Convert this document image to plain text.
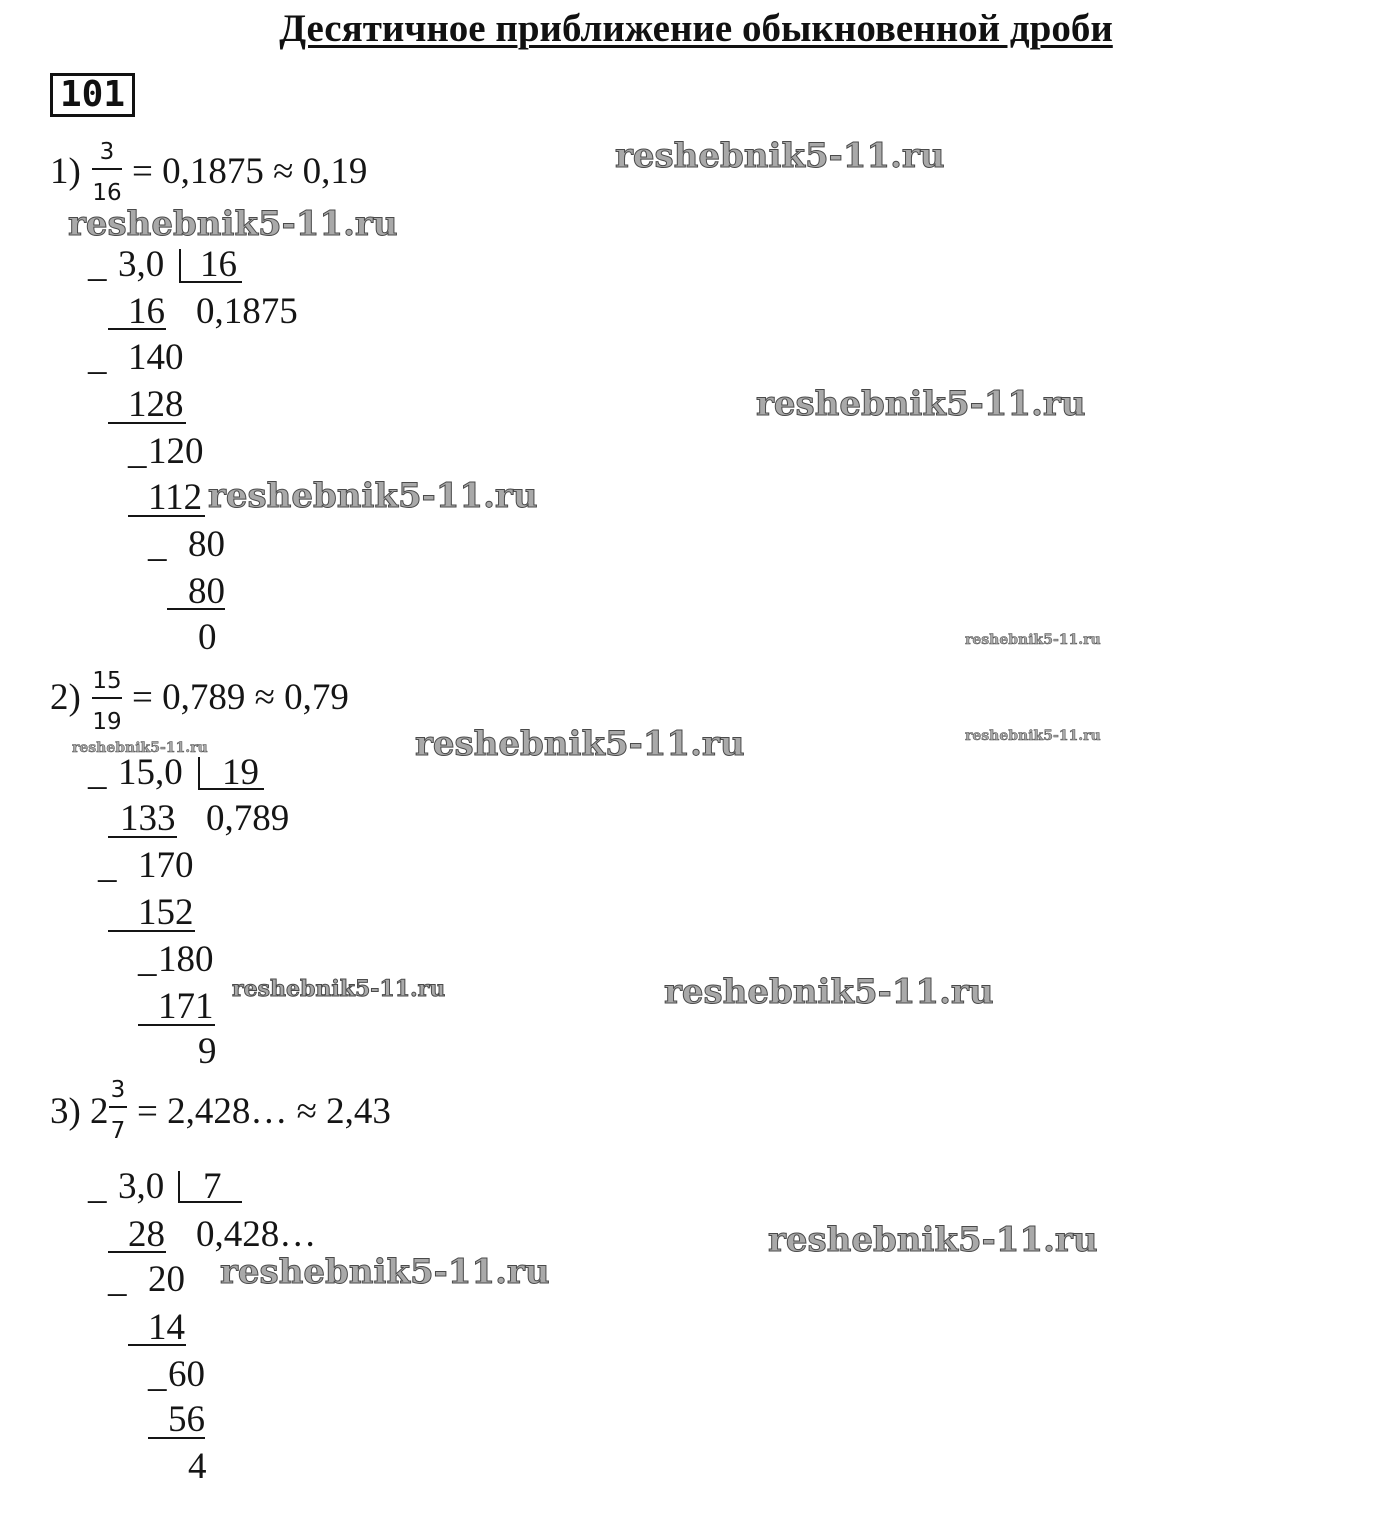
Десятичное приближение обыкновенной дроби
101
1) 3
16
= 0,1875 ≈ 0,19
_ 3,0 16
0,1875
16
_ 140
128
_ 120
112
_ 80
80
0
2) 15
19
= 0,789 ≈ 0,79
_ 15,0 19
0,789
133
_ 170
152
_ 180
171
9
3) 2
3
7 = 2,428… ≈ 2,43
_ 3,0 7
0,428…
28
_ 20
14
_ 60
56
4
reshebnik5-11.ru
reshebnik5-11.ru
reshebnik5-11.ru
reshebnik5-11.ru
reshebnik5-11.ru
reshebnik5-11.ru	reshebnik5-11.ru	reshebnik5-11.ru
reshebnik5-11.ru	reshebnik5-11.ru
reshebnik5-11.ru
reshebnik5-11.ru
